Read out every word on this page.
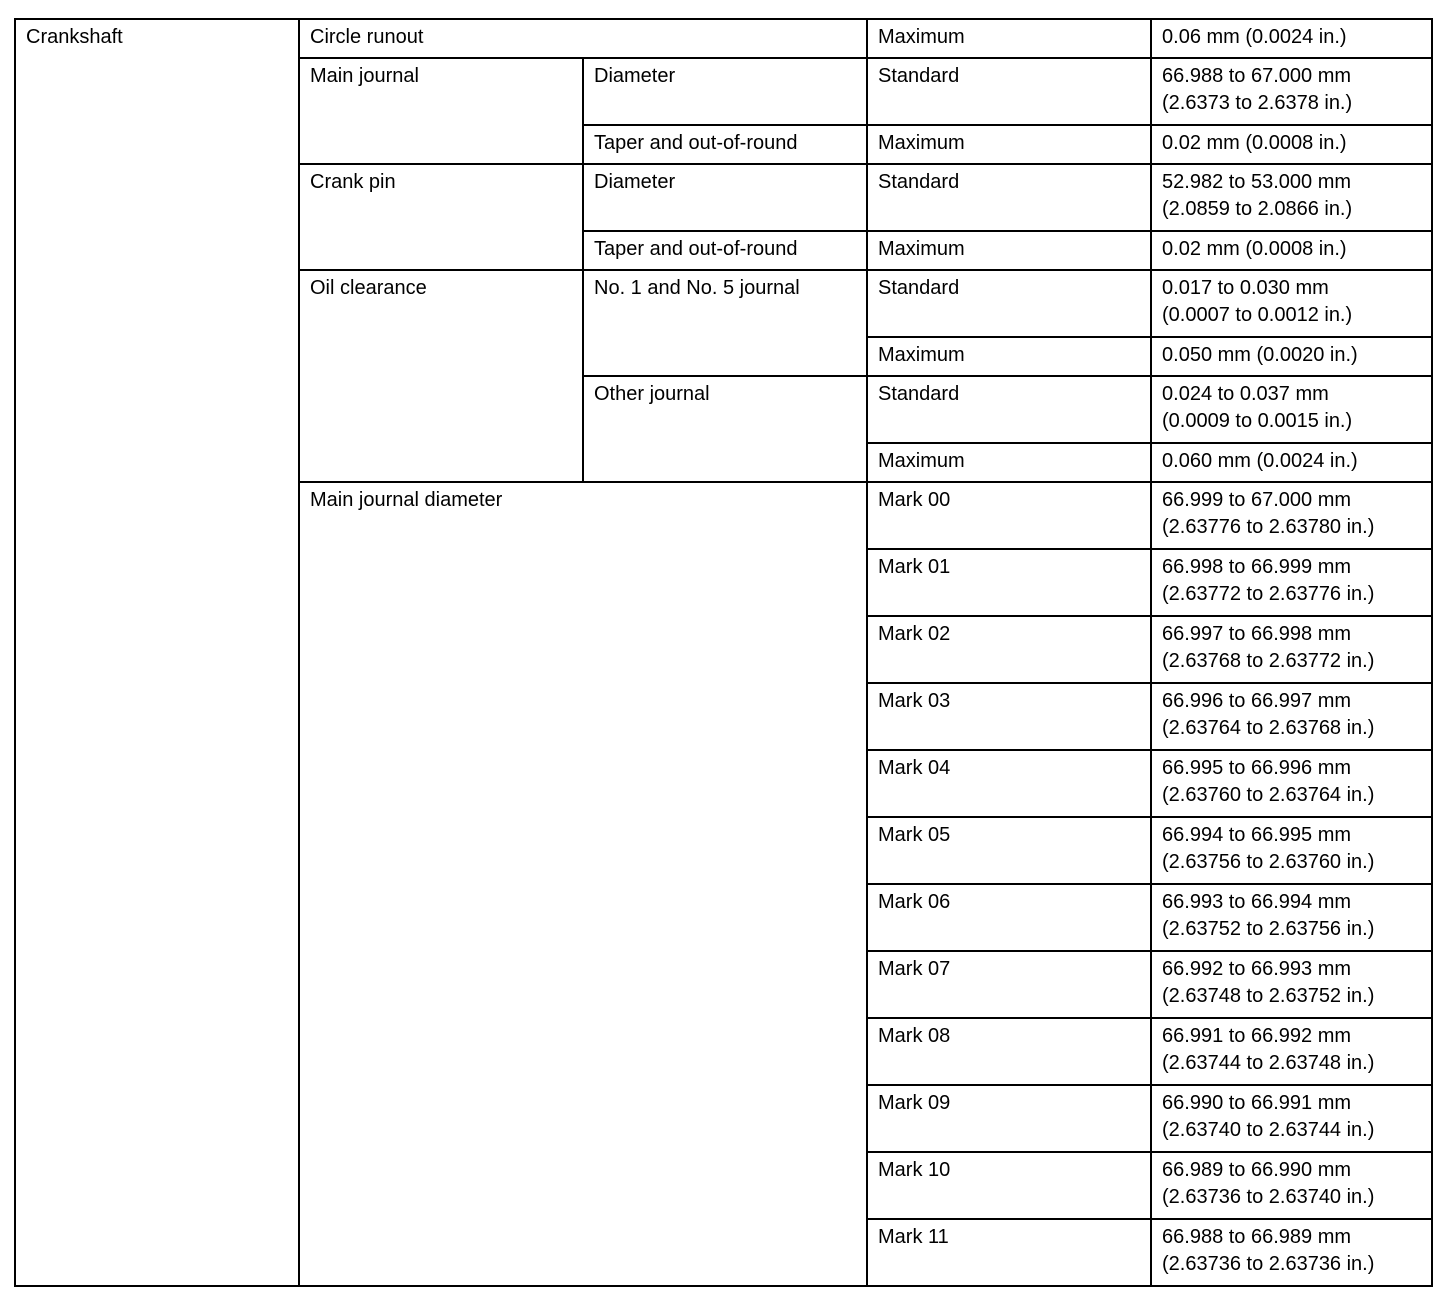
Crankshaft	Circle runout		Maximum	0.06 mm (0.0024 in.)

	Main journal	Diameter	Standard	66.988 to 67.000 mm
(2.6373 to 2.6378 in.)

		Taper and out-of-round	Maximum	0.02 mm (0.0008 in.)

	Crank pin	Diameter	Standard	52.982 to 53.000 mm
(2.0859 to 2.0866 in.)

		Taper and out-of-round	Maximum	0.02 mm (0.0008 in.)

	Oil clearance	No. 1 and No. 5 journal	Standard	0.017 to 0.030 mm
(0.0007 to 0.0012 in.)

			Maximum	0.050 mm (0.0020 in.)

		Other journal	Standard	0.024 to 0.037 mm
(0.0009 to 0.0015 in.)

			Maximum	0.060 mm (0.0024 in.)

	Main journal diameter		Mark 00	66.999 to 67.000 mm
(2.63776 to 2.63780 in.)

			Mark 01	66.998 to 66.999 mm
(2.63772 to 2.63776 in.)

			Mark 02	66.997 to 66.998 mm
(2.63768 to 2.63772 in.)

			Mark 03	66.996 to 66.997 mm
(2.63764 to 2.63768 in.)

			Mark 04	66.995 to 66.996 mm
(2.63760 to 2.63764 in.)

			Mark 05	66.994 to 66.995 mm
(2.63756 to 2.63760 in.)

			Mark 06	66.993 to 66.994 mm
(2.63752 to 2.63756 in.)

			Mark 07	66.992 to 66.993 mm
(2.63748 to 2.63752 in.)

			Mark 08	66.991 to 66.992 mm
(2.63744 to 2.63748 in.)

			Mark 09	66.990 to 66.991 mm
(2.63740 to 2.63744 in.)

			Mark 10	66.989 to 66.990 mm
(2.63736 to 2.63740 in.)

			Mark 11	66.988 to 66.989 mm
(2.63736 to 2.63736 in.)
